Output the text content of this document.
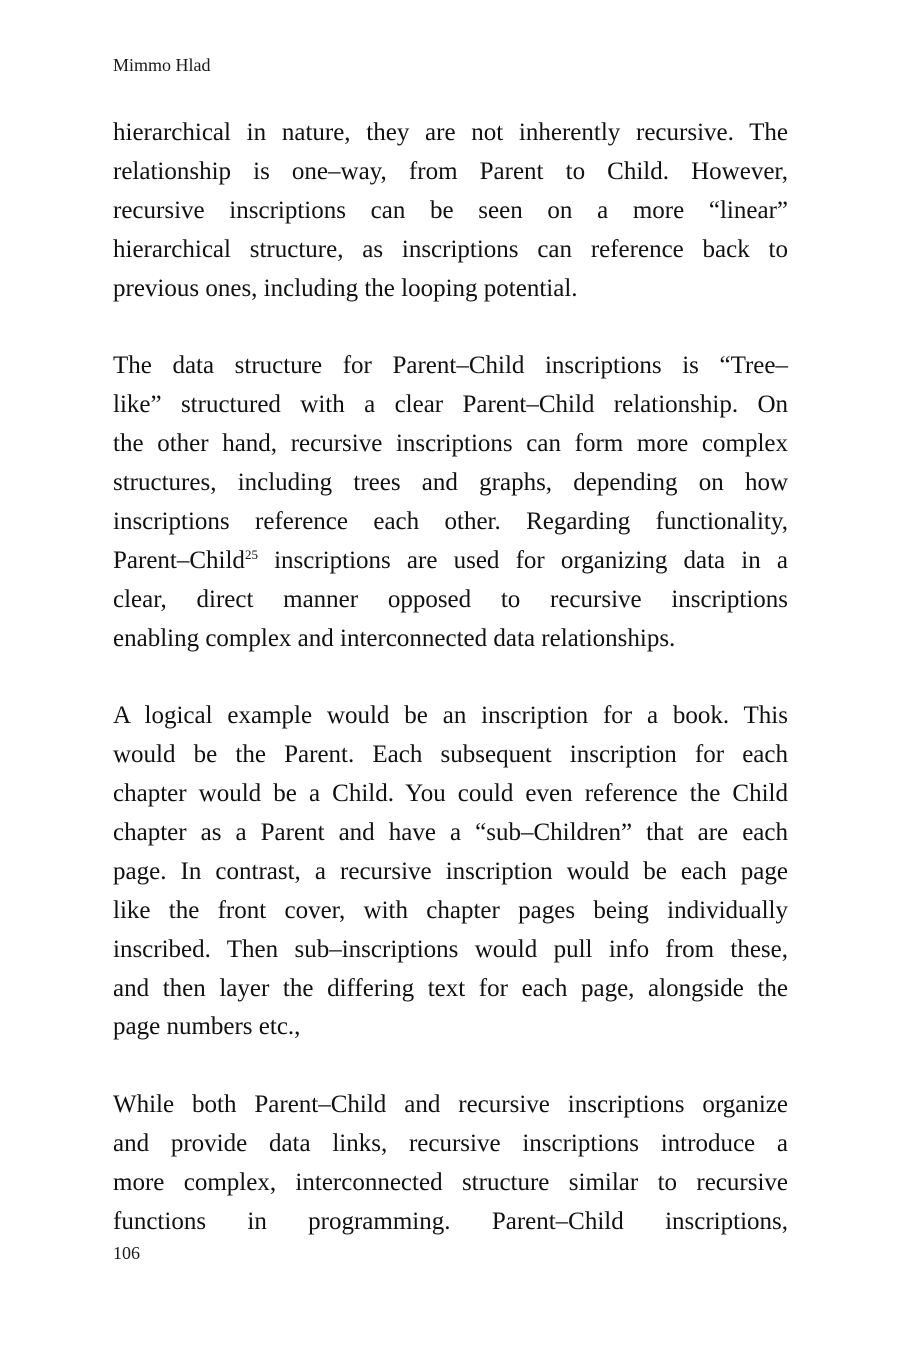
Mimmo Hlad
hierarchical in nature, they are not inherently recursive. The
relationship is one–way, from Parent to Child. However,
recursive inscriptions can be seen on a more “linear”
hierarchical structure, as inscriptions can reference back to
previous ones, including the looping potential.
The data structure for Parent–Child inscriptions is “Tree–
like” structured with a clear Parent–Child relationship. On
the other hand, recursive inscriptions can form more complex
structures, including trees and graphs, depending on how
inscriptions reference each other. Regarding functionality,
Parent–Child$^{25}$ inscriptions are used for organizing data in a
clear, direct manner opposed to recursive inscriptions
enabling complex and interconnected data relationships.
A logical example would be an inscription for a book. This
would be the Parent. Each subsequent inscription for each
chapter would be a Child. You could even reference the Child
chapter as a Parent and have a “sub–Children” that are each
page. In contrast, a recursive inscription would be each page
like the front cover, with chapter pages being individually
inscribed. Then sub–inscriptions would pull info from these,
and then layer the differing text for each page, alongside the
page numbers etc.,
While both Parent–Child and recursive inscriptions organize
and provide data links, recursive inscriptions introduce a
more complex, interconnected structure similar to recursive
functions in programming. Parent–Child inscriptions,
106
